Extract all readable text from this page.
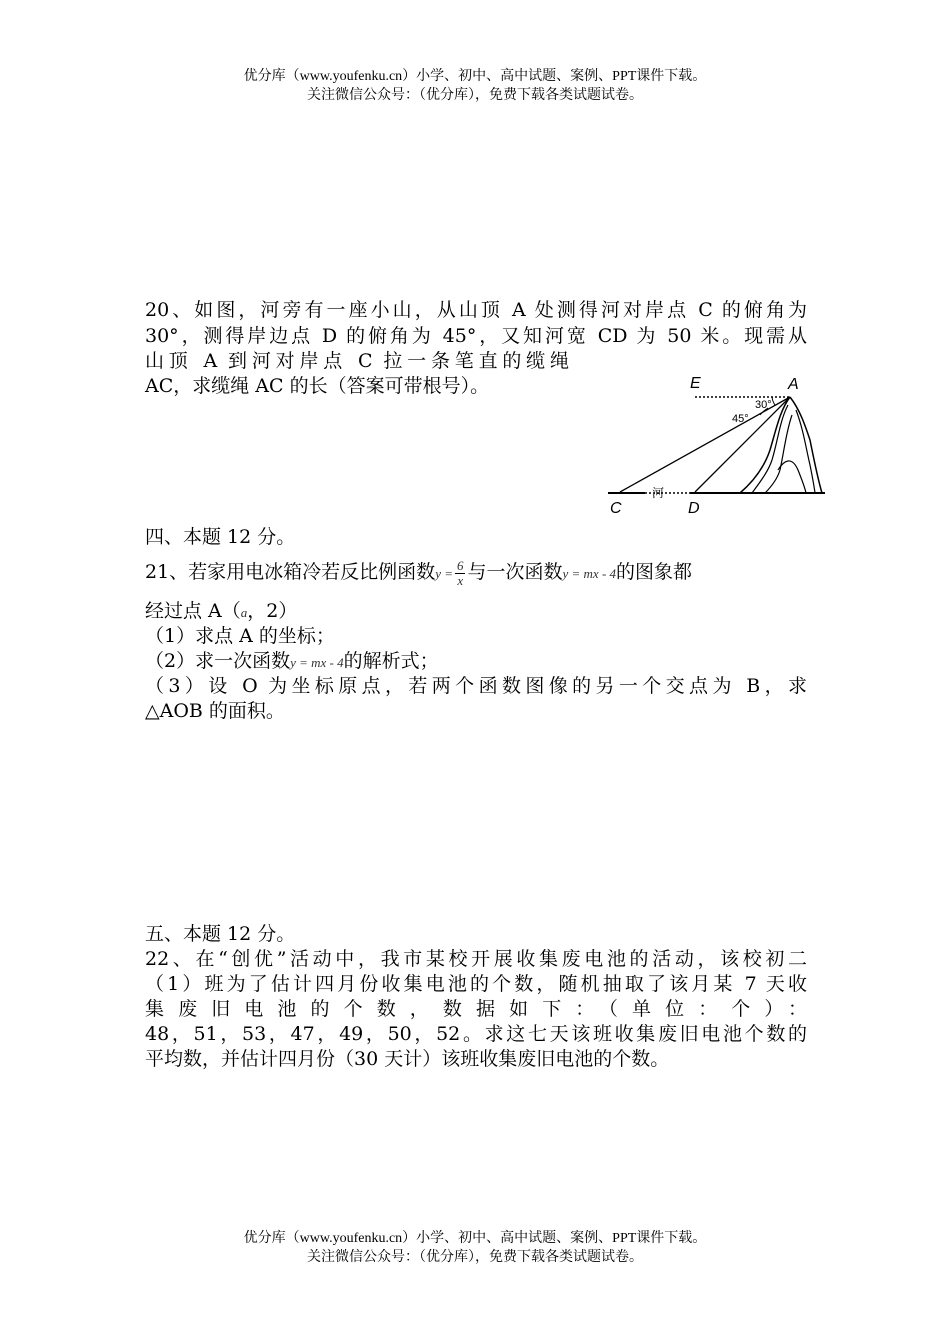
优分库（www.youfenku.cn）小学、初中、高中试题、案例、PPT课件下载。
关注微信公众号：（优分库），免费下载各类试题试卷。
20、如图，河旁有一座小山，从山顶 A 处测得河对岸点 C 的俯角为
30°，测得岸边点 D 的俯角为 45°，又知河宽 CD 为 50 米。现需从
山顶 A 到河对岸点 C 拉一条笔直的缆绳
AC，求缆绳 AC 的长（答案可带根号）。	E	A
C	D
30°
45°
河
四、本题 12 分。
21、若家用电冰箱冷若反比例函数$y = \frac{6}{x}$ 与一次函数y = mx - 4的图象都
经过点 A（a，2）
（1）求点 A 的坐标；
（2）求一次函数y = mx - 4的解析式；
（3）设 O 为坐标原点，若两个函数图像的另一个交点为 B，求
△AOB 的面积。
五、本题 12 分。
22、在“创优”活动中，我市某校开展收集废电池的活动，该校初二
（1）班为了估计四月份收集电池的个数，随机抽取了该月某 7 天收
集废旧电池的个数，数据如下：（单位：个）：
48，51，53，47，49，50，52。求这七天该班收集废旧电池个数的
平均数，并估计四月份（30 天计）该班收集废旧电池的个数。
优分库（www.youfenku.cn）小学、初中、高中试题、案例、PPT课件下载。
关注微信公众号：（优分库），免费下载各类试题试卷。
